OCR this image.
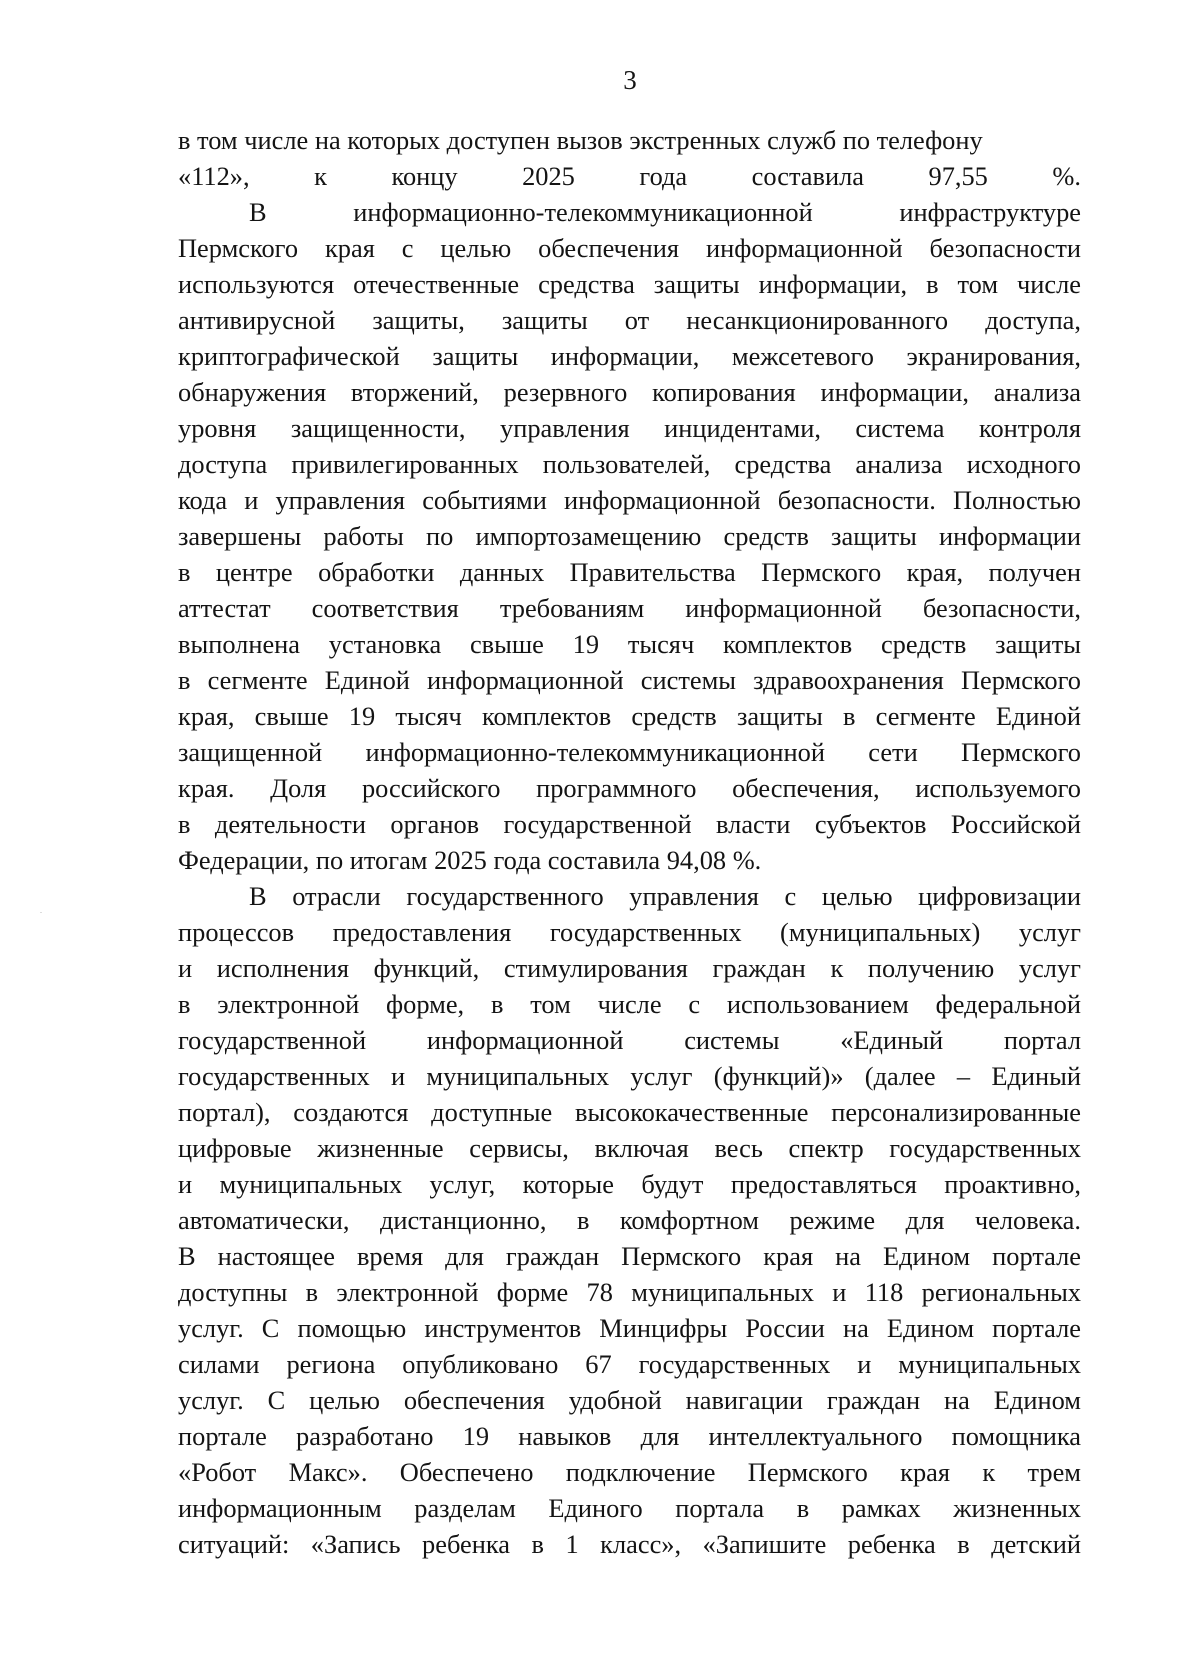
3
в том числе на которых доступен вызов экстренных служб по телефону
«112», к концу 2025 года составила 97,55 %.
В информационно-телекоммуникационной инфраструктуре
Пермского края с целью обеспечения информационной безопасности
используются отечественные средства защиты информации, в том числе
антивирусной защиты, защиты от несанкционированного доступа,
криптографической защиты информации, межсетевого экранирования,
обнаружения вторжений, резервного копирования информации, анализа
уровня защищенности, управления инцидентами, система контроля
доступа привилегированных пользователей, средства анализа исходного
кода и управления событиями информационной безопасности. Полностью
завершены работы по импортозамещению средств защиты информации
в центре обработки данных Правительства Пермского края, получен
аттестат соответствия требованиям информационной безопасности,
выполнена установка свыше 19 тысяч комплектов средств защиты
в сегменте Единой информационной системы здравоохранения Пермского
края, свыше 19 тысяч комплектов средств защиты в сегменте Единой
защищенной информационно-телекоммуникационной сети Пермского
края. Доля российского программного обеспечения, используемого
в деятельности органов государственной власти субъектов Российской
Федерации, по итогам 2025 года составила 94,08 %.
В отрасли государственного управления с целью цифровизации
процессов предоставления государственных (муниципальных) услуг
и исполнения функций, стимулирования граждан к получению услуг
в электронной форме, в том числе с использованием федеральной
государственной информационной системы «Единый портал
государственных и муниципальных услуг (функций)» (далее – Единый
портал), создаются доступные высококачественные персонализированные
цифровые жизненные сервисы, включая весь спектр государственных
и муниципальных услуг, которые будут предоставляться проактивно,
автоматически, дистанционно, в комфортном режиме для человека.
В настоящее время для граждан Пермского края на Едином портале
доступны в электронной форме 78 муниципальных и 118 региональных
услуг. С помощью инструментов Минцифры России на Едином портале
силами региона опубликовано 67 государственных и муниципальных
услуг. С целью обеспечения удобной навигации граждан на Едином
портале разработано 19 навыков для интеллектуального помощника
«Робот Макс». Обеспечено подключение Пермского края к трем
информационным разделам Единого портала в рамках жизненных
ситуаций: «Запись ребенка в 1 класс», «Запишите ребенка в детский
